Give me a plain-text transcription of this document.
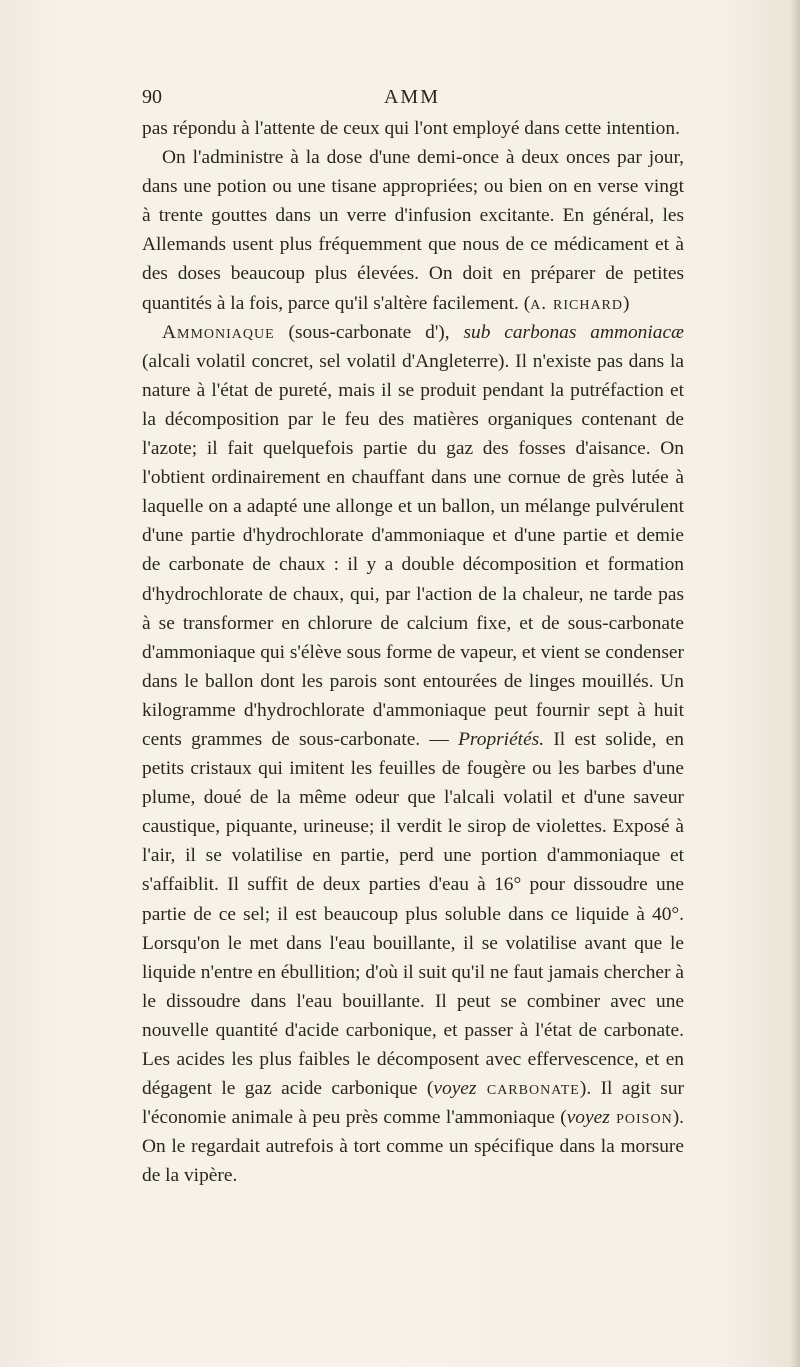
90	AMM

pas répondu à l'attente de ceux qui l'ont employé dans cette intention.

On l'administre à la dose d'une demi-once à deux onces par jour, dans une potion ou une tisane appropriées; ou bien on en verse vingt à trente gouttes dans un verre d'infusion excitante. En général, les Allemands usent plus fréquemment que nous de ce médicament et à des doses beaucoup plus élevées. On doit en préparer de petites quantités à la fois, parce qu'il s'altère facilement. (a. richard)

Ammoniaque (sous-carbonate d'), sub carbonas ammoniacæ (alcali volatil concret, sel volatil d'Angleterre). Il n'existe pas dans la nature à l'état de pureté, mais il se produit pendant la putréfaction et la décomposition par le feu des matières organiques contenant de l'azote; il fait quelquefois partie du gaz des fosses d'aisance. On l'obtient ordinairement en chauffant dans une cornue de grès lutée à laquelle on a adapté une allonge et un ballon, un mélange pulvérulent d'une partie d'hydrochlorate d'ammoniaque et d'une partie et demie de carbonate de chaux : il y a double décomposition et formation d'hydrochlorate de chaux, qui, par l'action de la chaleur, ne tarde pas à se transformer en chlorure de calcium fixe, et de sous-carbonate d'ammoniaque qui s'élève sous forme de vapeur, et vient se condenser dans le ballon dont les parois sont entourées de linges mouillés. Un kilogramme d'hydrochlorate d'ammoniaque peut fournir sept à huit cents grammes de sous-carbonate. — Propriétés. Il est solide, en petits cristaux qui imitent les feuilles de fougère ou les barbes d'une plume, doué de la même odeur que l'alcali volatil et d'une saveur caustique, piquante, urineuse; il verdit le sirop de violettes. Exposé à l'air, il se volatilise en partie, perd une portion d'ammoniaque et s'affaiblit. Il suffit de deux parties d'eau à 16° pour dissoudre une partie de ce sel; il est beaucoup plus soluble dans ce liquide à 40°. Lorsqu'on le met dans l'eau bouillante, il se volatilise avant que le liquide n'entre en ébullition; d'où il suit qu'il ne faut jamais chercher à le dissoudre dans l'eau bouillante. Il peut se combiner avec une nouvelle quantité d'acide carbonique, et passer à l'état de carbonate. Les acides les plus faibles le décomposent avec effervescence, et en dégagent le gaz acide carbonique (voyez carbonate). Il agit sur l'économie animale à peu près comme l'ammoniaque (voyez poison). On le regardait autrefois à tort comme un spécifique dans la morsure de la vipère.
